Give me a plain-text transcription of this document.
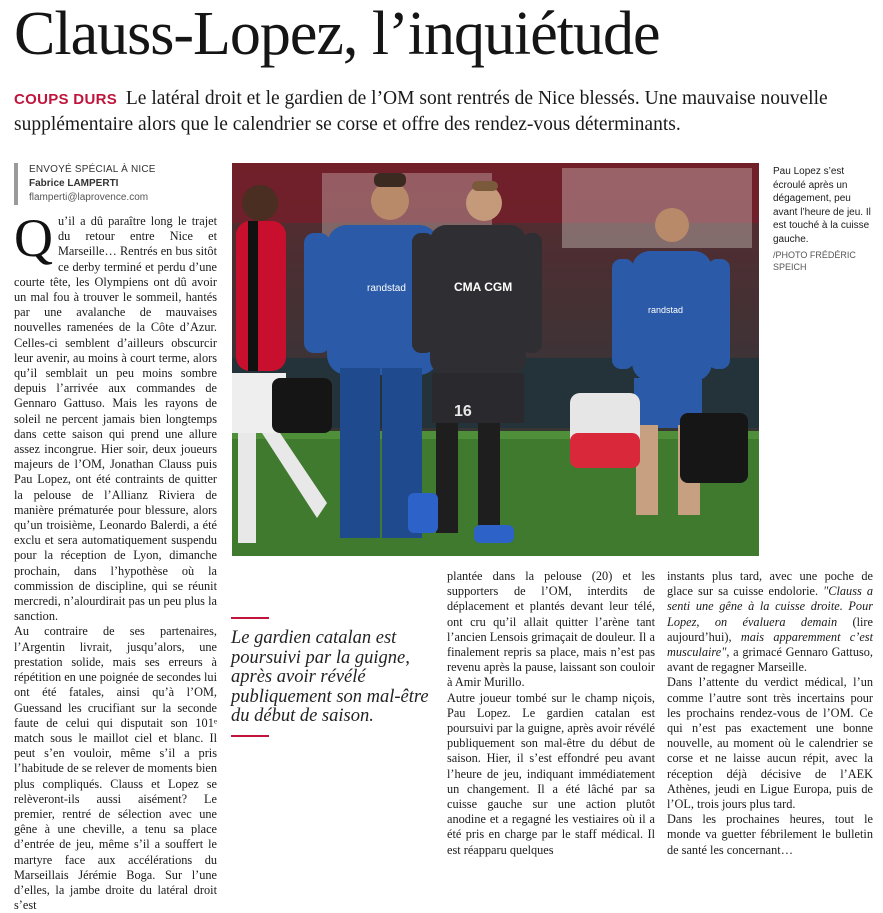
Clauss-Lopez, l’inquiétude
COUPS DURS Le latéral droit et le gardien de l’OM sont rentrés de Nice blessés. Une mauvaise nouvelle supplémentaire alors que le calendrier se corse et offre des rendez-vous déterminants.
ENVOYÉ SPÉCIAL À NICE
Fabrice LAMPERTI
flamperti@laprovence.com
randstad	CMA CGM
16
randstad
Pau Lopez s’est écroulé après un dégagement, peu avant l’heure de jeu. Il est touché à la cuisse gauche.
/PHOTO FRÉDÉRIC SPEICH

Qu’il a dû paraître long le trajet du retour entre Nice et Marseille… Rentrés en bus sitôt ce derby terminé et perdu d’une courte tête, les Olympiens ont dû avoir un mal fou à trouver le sommeil, hantés par une avalanche de mauvaises nouvelles ramenées de la Côte d’Azur. Celles-ci semblent d’ailleurs obscurcir leur avenir, au moins à court terme, alors qu’il semblait un peu moins sombre depuis l’arrivée aux commandes de Gennaro Gattuso. Mais les rayons de soleil ne percent jamais bien longtemps dans cette saison qui prend une allure assez incongrue. Hier soir, deux joueurs majeurs de l’OM, Jonathan Clauss puis Pau Lopez, ont été contraints de quitter la pelouse de l’Allianz Riviera de manière prématurée pour blessure, alors qu’un troisième, Leonardo Balerdi, a été exclu et sera automatiquement suspendu pour la réception de Lyon, dimanche prochain, dans l’hypothèse où la commission de discipline, qui se réunit mercredi, n’alourdirait pas un peu plus la sanction.

Au contraire de ses partenaires, l’Argentin livrait, jusqu’alors, une prestation solide, mais ses erreurs à répétition en une poignée de secondes lui ont été fatales, ainsi qu’à l’OM, Guessand les crucifiant sur la seconde faute de celui qui disputait son 101ᵉ match sous le maillot ciel et blanc. Il peut s’en vouloir, même s’il a pris l’habitude de se relever de moments bien plus compliqués. Clauss et Lopez se relèveront-ils aussi aisément? Le premier, rentré de sélection avec une gêne à une cheville, a tenu sa place d’entrée de jeu, même s’il a souffert le martyre face aux accélérations du Marseillais Jérémie Boga. Sur l’une d’elles, la jambe droite du latéral droit s’est

Le gardien catalan est poursuivi par la guigne, après avoir révélé publiquement son mal-être du début de saison.

plantée dans la pelouse (20) et les supporters de l’OM, interdits de déplacement et plantés devant leur télé, ont cru qu’il allait quitter l’arène tant l’ancien Lensois grimaçait de douleur. Il a finalement repris sa place, mais n’est pas revenu après la pause, laissant son couloir à Amir Murillo.

Autre joueur tombé sur le champ niçois, Pau Lopez. Le gardien catalan est poursuivi par la guigne, après avoir révélé publiquement son mal-être du début de saison. Hier, il s’est effondré peu avant l’heure de jeu, indiquant immédiatement un changement. Il a été lâché par sa cuisse gauche sur une action plutôt anodine et a regagné les vestiaires où il a été pris en charge par le staff médical. Il est réapparu quelques

instants plus tard, avec une poche de glace sur sa cuisse endolorie. "Clauss a senti une gêne à la cuisse droite. Pour Lopez, on évaluera demain (lire aujourd’hui), mais apparemment c’est musculaire", a grimacé Gennaro Gattuso, avant de regagner Marseille.

Dans l’attente du verdict médical, l’un comme l’autre sont très incertains pour les prochains rendez-vous de l’OM. Ce qui n’est pas exactement une bonne nouvelle, au moment où le calendrier se corse et ne laisse aucun répit, avec la réception déjà décisive de l’AEK Athènes, jeudi en Ligue Europa, puis de l’OL, trois jours plus tard.

Dans les prochaines heures, tout le monde va guetter fébrilement le bulletin de santé les concernant…
